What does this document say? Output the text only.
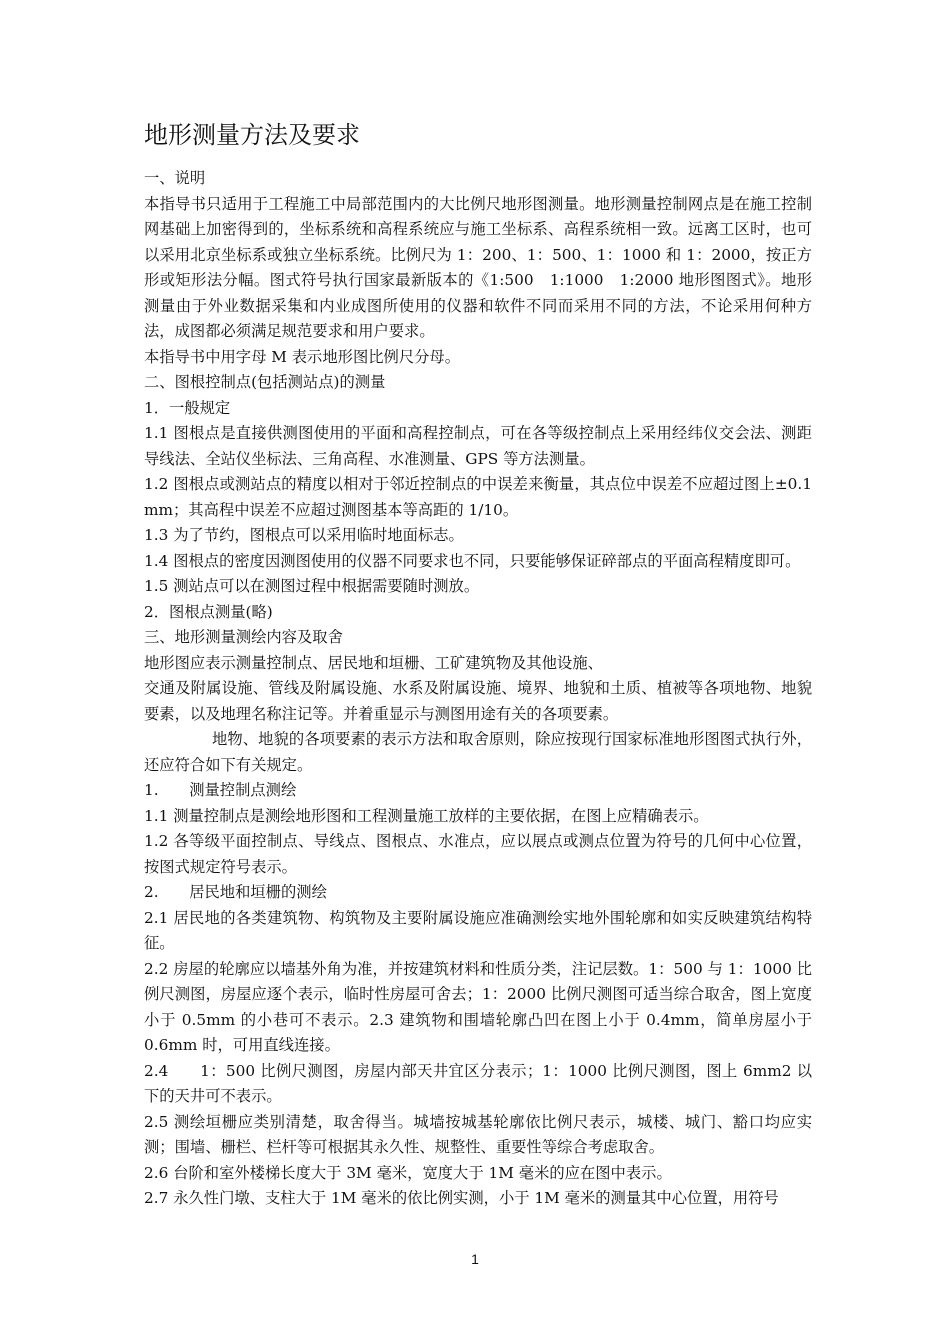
地形测量方法及要求

一、说明

本指导书只适用于工程施工中局部范围内的大比例尺地形图测量。地形测量控制网点是在施工控制网基础上加密得到的，坐标系统和高程系统应与施工坐标系、高程系统相一致。远离工区时，也可以采用北京坐标系或独立坐标系统。比例尺为 1：200、1：500、1：1000 和 1：2000，按正方形或矩形法分幅。图式符号执行国家最新版本的《1:500　1:1000　1:2000 地形图图式》。地形测量由于外业数据采集和内业成图所使用的仪器和软件不同而采用不同的方法，不论采用何种方法，成图都必须满足规范要求和用户要求。

本指导书中用字母 M 表示地形图比例尺分母。

二、图根控制点(包括测站点)的测量

1．一般规定

1.1 图根点是直接供测图使用的平面和高程控制点，可在各等级控制点上采用经纬仪交会法、测距导线法、全站仪坐标法、三角高程、水准测量、GPS 等方法测量。

1.2 图根点或测站点的精度以相对于邻近控制点的中误差来衡量，其点位中误差不应超过图上±0.1 mm；其高程中误差不应超过测图基本等高距的 1/10。

1.3 为了节约，图根点可以采用临时地面标志。

1.4 图根点的密度因测图使用的仪器不同要求也不同，只要能够保证碎部点的平面高程精度即可。

1.5 测站点可以在测图过程中根据需要随时测放。

2．图根点测量(略)

三、地形测量测绘内容及取舍

地形图应表示测量控制点、居民地和垣栅、工矿建筑物及其他设施、

交通及附属设施、管线及附属设施、水系及附属设施、境界、地貌和土质、植被等各项地物、地貌要素，以及地理名称注记等。并着重显示与测图用途有关的各项要素。

地物、地貌的各项要素的表示方法和取舍原则，除应按现行国家标准地形图图式执行外，还应符合如下有关规定。

1.　　测量控制点测绘

1.1 测量控制点是测绘地形图和工程测量施工放样的主要依据，在图上应精确表示。

1.2 各等级平面控制点、导线点、图根点、水准点，应以展点或测点位置为符号的几何中心位置，按图式规定符号表示。

2.　　居民地和垣栅的测绘

2.1 居民地的各类建筑物、构筑物及主要附属设施应准确测绘实地外围轮廓和如实反映建筑结构特征。

2.2 房屋的轮廓应以墙基外角为准，并按建筑材料和性质分类，注记层数。1：500 与 1：1000 比例尺测图，房屋应逐个表示，临时性房屋可舍去；1：2000 比例尺测图可适当综合取舍，图上宽度小于 0.5mm 的小巷可不表示。2.3 建筑物和围墙轮廓凸凹在图上小于 0.4mm，简单房屋小于 0.6mm 时，可用直线连接。

2.4　　1：500 比例尺测图，房屋内部天井宜区分表示；1：1000 比例尺测图，图上 6mm2 以下的天井可不表示。

2.5 测绘垣栅应类别清楚，取舍得当。城墙按城基轮廓依比例尺表示，城楼、城门、豁口均应实测；围墙、栅栏、栏杆等可根据其永久性、规整性、重要性等综合考虑取舍。

2.6 台阶和室外楼梯长度大于 3M 毫米，宽度大于 1M 毫米的应在图中表示。

2.7 永久性门墩、支柱大于 1M 毫米的依比例实测，小于 1M 毫米的测量其中心位置，用符号

1
